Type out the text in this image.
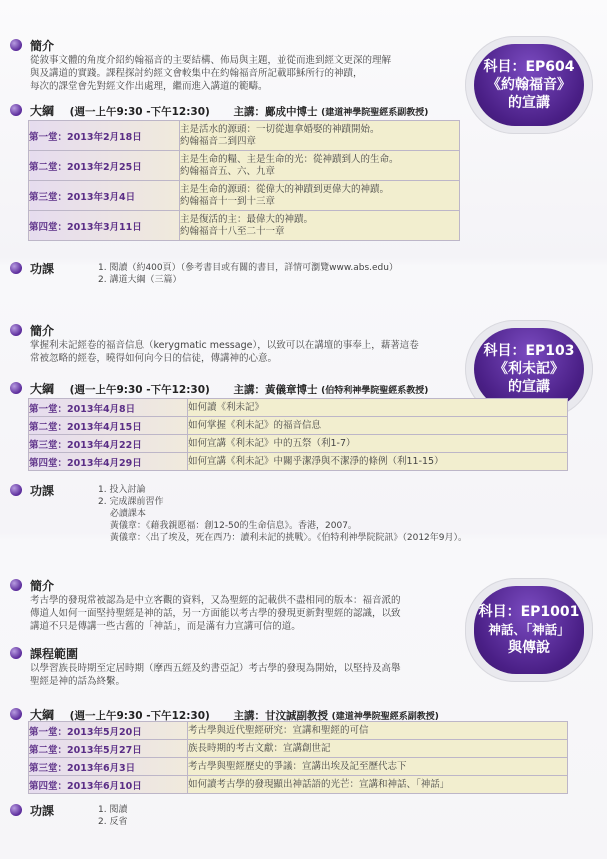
簡介
從敘事文體的角度介紹約翰福音的主要結構、佈局與主題，並從而進到經文更深的理解
與及講道的實踐。課程探討約經文會較集中在約翰福音所記載耶穌所行的神蹟，
每次的課堂會先對經文作出處理，繼而進入講道的範疇。
科目：EP604
《約翰福音》
的宣講
大綱 (週一上午9:30 -下午12:30) 主講：鄺成中博士 (建道神學院聖經系副教授)
第一堂：2013年2月18日	主是活水的源頭：一切從迦拿婚娶的神蹟開始。
約翰福音二到四章

第二堂：2013年2月25日	主是生命的糧、主是生命的光：從神蹟到人的生命。
約翰福音五、六、九章

第三堂：2013年3月4日	主是生命的源頭：從偉大的神蹟到更偉大的神蹟。
約翰福音十一到十三章

第四堂：2013年3月11日	主是復活的主：最偉大的神蹟。
約翰福音十八至二十一章
功課	1. 閱讀（約400頁）（參考書目或有關的書目，詳情可瀏覽www.abs.edu）
2. 講道大綱（三篇）
簡介
掌握利未記經卷的福音信息（kerygmatic message），以致可以在講壇的事奉上，藉著這卷
常被忽略的經卷，曉得如何向今日的信徒，傳講神的心意。	科目：EP103
《利未記》
的宣講
大綱 (週一上午9:30 -下午12:30) 主講：黃儀章博士 (伯特利神學院聖經系教授)
第一堂：2013年4月8日	如何讀《利未記》

第二堂：2013年4月15日	如何掌握《利未記》的福音信息

第三堂：2013年4月22日	如何宣講《利未記》中的五祭（利1-7）

第四堂：2013年4月29日	如何宣講《利未記》中關乎潔淨與不潔淨的條例（利11-15）
功課	1. 投入討論
2. 完成課前習作
　 必讀課本
　 黃儀章：《藉我親愿福：創12-50的生命信息》。香港，2007。
　 黃儀章：〈出了埃及，死在西乃：讀利未記的挑戰〉。《伯特利神學院院訊》（2012年9月）。
簡介
考古學的發現常被認為是中立客觀的資料，又為聖經的記載供不盡相同的版本：福音派的
傳道人如何一面堅持聖經是神的話，另一方面能以考古學的發現更新對聖經的認識，以致
講道不只是傳講一些古舊的「神話」，而是滿有力宣講可信的道。
科目：EP1001
神話、「神話」
與傳說
課程範圍
以學習族長時期至定居時期（摩西五經及約書亞記）考古學的發現為開始，以堅持及高舉
聖經是神的話為終繫。
大綱 (週一上午9:30 -下午12:30) 主講：甘汶誠副教授 (建道神學院聖經系副教授)
第一堂：2013年5月20日	考古學與近代聖經研究：宣講和聖經的可信

第二堂：2013年5月27日	族長時期的考古文獻：宣講創世記

第三堂：2013年6月3日	考古學與聖經歷史的爭議：宣講出埃及記至歷代志下

第四堂：2013年6月10日	如何讀考古學的發現顯出神話語的光芒：宣講和神話、「神話」
功課	1. 閱讀
2. 反省
